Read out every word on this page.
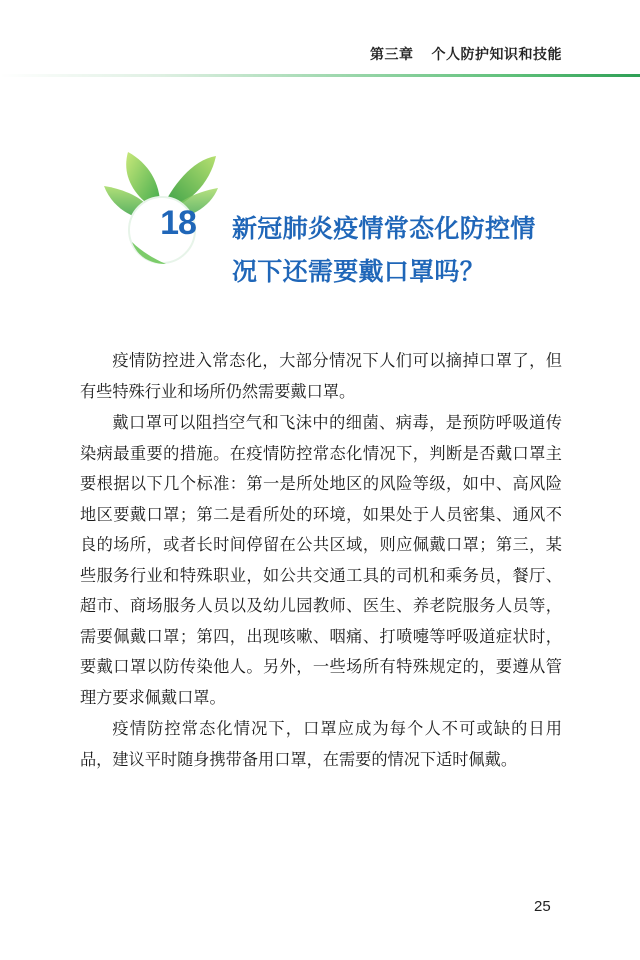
第三章 个人防护知识和技能
18	新冠肺炎疫情常态化防控情
况下还需要戴口罩吗？

疫情防控进入常态化，大部分情况下人们可以摘掉口罩了，但有些特殊行业和场所仍然需要戴口罩。

戴口罩可以阻挡空气和飞沫中的细菌、病毒，是预防呼吸道传染病最重要的措施。在疫情防控常态化情况下，判断是否戴口罩主要根据以下几个标准：第一是所处地区的风险等级，如中、高风险地区要戴口罩；第二是看所处的环境，如果处于人员密集、通风不良的场所，或者长时间停留在公共区域，则应佩戴口罩；第三，某些服务行业和特殊职业，如公共交通工具的司机和乘务员，餐厅、超市、商场服务人员以及幼儿园教师、医生、养老院服务人员等，需要佩戴口罩；第四，出现咳嗽、咽痛、打喷嚏等呼吸道症状时，要戴口罩以防传染他人。另外，一些场所有特殊规定的，要遵从管理方要求佩戴口罩。

疫情防控常态化情况下，口罩应成为每个人不可或缺的日用品，建议平时随身携带备用口罩，在需要的情况下适时佩戴。

25
